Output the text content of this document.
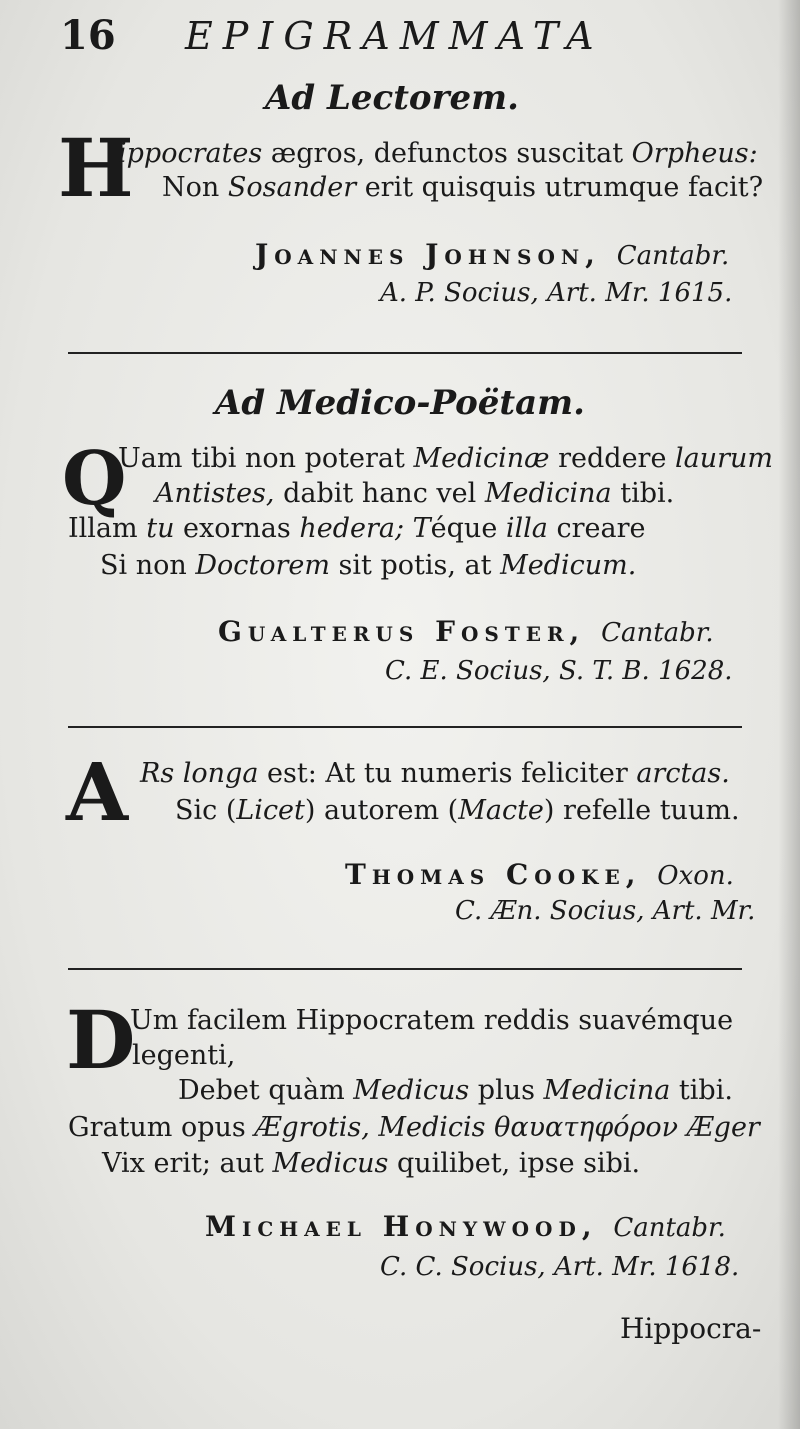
16 EPIGRAMMATA
Ad Lectorem.
H
ippocrates ægros, defunctos suscitat Orpheus:
Non Sosander erit quisquis utrumque facit?
Joannes Johnson, Cantabr.
A. P. Socius, Art. Mr. 1615.
Ad Medico-Poëtam.
Q
Uam tibi non poterat Medicinæ reddere laurum
Antistes, dabit hanc vel Medicina tibi.
Illam tu exornas hedera; Téque illa creare
Si non Doctorem sit potis, at Medicum.
Gualterus Foster, Cantabr.
C. E. Socius, S. T. B. 1628.
A Rs longa est: At tu numeris feliciter arctas.
Sic (Licet) autorem (Macte) refelle tuum.
Thomas Cooke, Oxon.
C. Æn. Socius, Art. Mr.
D
Um facilem Hippocratem reddis suavémque
legenti,
Debet quàm Medicus plus Medicina tibi.
Gratum opus Ægrotis, Medicis θαυατηφόρον Æger
Vix erit; aut Medicus quilibet, ipse sibi.
Michael Honywood, Cantabr.
C. C. Socius, Art. Mr. 1618.
Hippocra-
